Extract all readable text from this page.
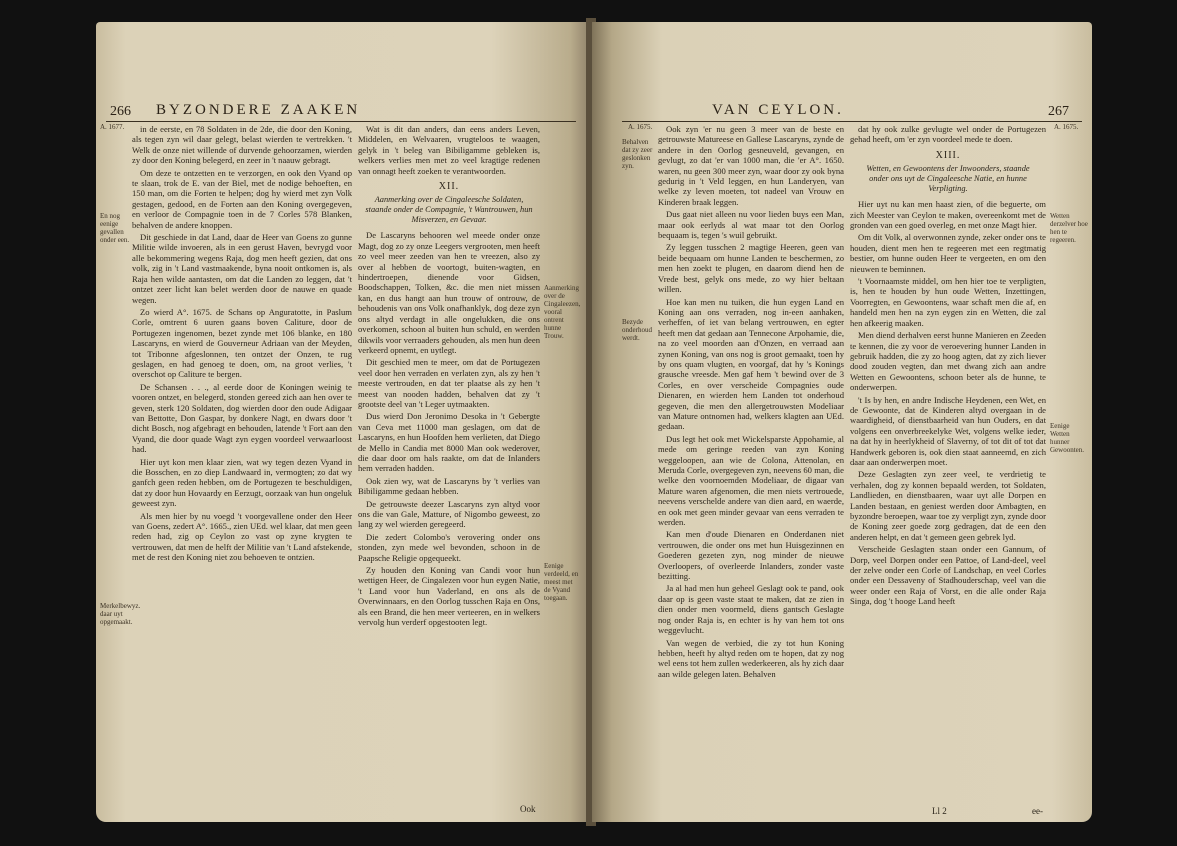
266 BYZONDERE ZAAKEN
A. 1677.	in de eerste, en 78 Soldaten in de 2de, die door den Koning, als tegen zyn wil daar gelegt, belast wierden te vertrekken. 't Welk de onze niet willende of durvende gehoorzamen, wierden zy door den Koning belegerd, en zeer in 't naauw gebragt.

Om deze te ontzetten en te verzorgen, en ook den Vyand op te slaan, trok de E. van der Biel, met de nodige behoeften, en 150 man, om die Forten te helpen; dog hy wierd met zyn Volk gestagen, gedood, en de Forten aan den Koning overgegeven, en verloor de Compagnie toen in de 7 Corles 578 Blanken, behalven de andere knoppen.

Dit geschiede in dat Land, daar de Heer van Goens zo gunne Militie wilde invoeren, als in een gerust Haven, bevrygd voor alle bekommering wegens Raja, dog men heeft gezien, dat ons volk, zig in 't Land vastmaakende, byna nooit ontkomen is, als Raja hen wilde aantasten, om dat die Landen zo leggen, dat 't ontzet zeer licht kan belet werden door de nauwe en quade wegen.

Zo wierd A°. 1675. de Schans op Anguratotte, in Paslum Corle, omtrent 6 uuren gaans boven Caliture, door de Portugezen ingenomen, bezet zynde met 106 blanke, en 180 Lascaryns, en wierd de Gouverneur Adriaan van der Meyden, tot Tribonne afgeslonnen, ten ontzet der Onzen, te rug geslagen, en had genoeg te doen, om, na groot verlies, 't overschot op Caliture te bergen.

De Schansen . . ., al eerde door de Koningen weinig te vooren ontzet, en belegerd, stonden gereed zich aan hen over te geven, sterk 120 Soldaten, dog wierden door den oude Adigaar van Bettotte, Don Gaspar, by donkere Nagt, en dwars door 't dicht Bosch, nog afgebragt en behouden, latende 't Fort aan den Vyand, die door quade Wagt zyn eygen voordeel verwaarloost had.

Hier uyt kon men klaar zien, wat wy tegen dezen Vyand in die Bosschen, en zo diep Landwaard in, vermogten; zo dat wy ganfch geen reden hebben, om de Portugezen te beschuldigen, dat zy door hun Hovaardy en Eerzugt, oorzaak van hun ongeluk geweest zyn.

Als men hier by nu voegd 't voorgevallene onder den Heer van Goens, zedert A°. 1665., zien UEd. wel klaar, dat men geen reden had, zig op Ceylon zo vast op zyne krygten te vertrouwen, dat men de helft der Militie van 't Land afstekende, met de rest den Koning niet zou behoeven te ontzien.

En nog eenige gevallen onder een.
Merkelbewyz. daar uyt opgemaakt.

Wat is dit dan anders, dan eens anders Leven, Middelen, en Welvaaren, vrugteloos te waagen, gelyk in 't beleg van Bibiligamme gebleken is, welkers verlies men met zo veel kragtige redenen van onnagt heeft zoeken te verantwoorden.

XII.
Aanmerking over de Cingaleesche Soldaten, staande onder de Compagnie, 't Wantrouwen, hun Misverzen, en Gevaar.

De Lascaryns behooren wel meede onder onze Magt, dog zo zy onze Leegers vergrooten, men heeft zo veel meer zeeden van hen te vreezen, also zy over al hebben de voortogt, buiten-wagten, en hindertroepen, dienende voor Gidsen, Boodschappen, Tolken, &c. die men niet missen kan, en dus hangt aan hun trouw of ontrouw, de behoudenis van ons Volk onafhanklyk, dog deze zyn ons altyd verdagt in alle ongelukken, die ons overkomen, schoon al buiten hun schuld, en werden dikwils voor verraaders gehouden, als men hun deen verkeerd opnemt, en uytlegt.

Dit geschied men te meer, om dat de Portugezen veel door hen verraden en verlaten zyn, als zy hen 't meeste vertrouden, en dat ter plaatse als zy hen 't meest van nooden hadden, behalven dat zy 't grootste deel van 't Leger uytmaakten.

Dus wierd Don Jeronimo Desoka in 't Gebergte van Ceva met 11000 man geslagen, om dat de Lascaryns, en hun Hoofden hem verlieten, dat Diego de Mello in Candia met 8000 Man ook wederover, die daar door om hals raakte, om dat de Inlanders hem verraden hadden.

Ook zien wy, wat de Lascaryns by 't verlies van Bibiligamme gedaan hebben.

De getrouwste deezer Lascaryns zyn altyd voor ons die van Gale, Matture, of Nigombo geweest, zo lang zy wel wierden geregeerd.

Die zedert Colombo's verovering onder ons stonden, zyn mede wel bevonden, schoon in de Paapsche Religie opgequeekt.

Zy houden den Koning van Candi voor hun wettigen Heer, de Cingalezen voor hun eygen Natie, 't Land voor hun Vaderland, en ons als de Overwinnaars, en den Oorlog tusschen Raja en Ons, als een Brand, die hen meer verteeren, en in welkers vervolg hun verderf opgestooten legt.

Aanmerking over de Cingaleezen, vooral ontrent hunne Trouw.
Eenige verdeeld, en meest met de Vyand toegaan.
Ook
VAN CEYLON.	267
A. 1675.	A. 1675.

Ook zyn 'er nu geen 3 meer van de beste en getrouwste Matureese en Gallese Lascaryns, zynde de andere in den Oorlog gesneuveld, gevangen, en gevlugt, zo dat 'er van 1000 man, die 'er A°. 1650. waren, nu geen 300 meer zyn, waar door zy ook byna gedurig in 't Veld leggen, en hun Landeryen, van welke zy leven moeten, tot nadeel van Vrouw en Kinderen braak leggen.

Dus gaat niet alleen nu voor lieden buys een Man, maar ook eerlyds al wat maar tot den Oorlog bequaam is, tegen 's wuil gebruikt.

Zy leggen tusschen 2 magtige Heeren, geen van beide bequaam om hunne Landen te beschermen, zo men hen zoekt te plugen, en daarom diend hen de Vrede best, gelyk ons mede, zo wy hier beltaan willen.

Hoe kan men nu tuiken, die hun eygen Land en Koning aan ons verraden, nog in-een aanhaken, verheffen, of iet van belang vertrouwen, en egter heeft men dat gedaan aan Tennecone Arpohamie, die, na zo veel moorden aan d'Onzen, en verraad aan zynen Koning, van ons nog is groot gemaakt, toen hy by ons quam vlugten, en voorgaf, dat hy 's Konings grausche vreesde. Men gaf hem 't bewind over de 3 Corles, en over verscheide Compagnies oude Dienaren, en wierden hem Landen tot onderhoud gegeven, die men den allergetrouwsten Modeliaar van Mature ontnomen had, welkers klagten aan UEd. gedaan.

Dus legt het ook met Wickelsparste Appohamie, al mede om geringe reeden van zyn Koning weggeloopen, aan wie de Colona, Attenolan, en Meruda Corle, overgegeven zyn, neevens 60 man, die welke den voornoemden Modeliaar, de digaar van Mature waren afgenomen, die men niets vertrouede, neevens verschelde andere van dien aard, en waerde, en ook met geen minder gevaar van eens verraden te werden.

Kan men d'oude Dienaren en Onderdanen niet vertrouwen, die onder ons met hun Huisgezinnen en Goederen gezeten zyn, nog minder de nieuwe Overloopers, of overleerde Inlanders, zonder vaste bezitting.

Ja al had men hun geheel Geslagt ook te pand, ook daar op is geen vaste staat te maken, dat ze zien in dien onder men voormeld, diens gantsch Geslagte nog onder Raja is, en echter is hy van hem tot ons weggevlucht.

Van wegen de verbied, die zy tot hun Koning hebben, heeft hy altyd reden om te hopen, dat zy nog wel eens tot hem zullen wederkeeren, als hy zich daar aan wilde gelegen laten. Behalven

Behalven dat zy zeer geslonken zyn.
Bezyde onderhoud werdt.

dat hy ook zulke gevlugte wel onder de Portugezen gehad heeft, om 'er zyn voordeel mede te doen.

XIII.
Wetten, en Gewoontens der Inwoonders, staande onder ons uyt de Cingaleesche Natie, en hunne Verpligting.

Hier uyt nu kan men haast zien, of die beguerte, om zich Meester van Ceylon te maken, overeenkomt met de gronden van een goed overleg, en met onze Magt hier.

Om dit Volk, al overwonnen zynde, zeker onder ons te houden, dient men hen te regeeren met een regtmatig bestier, om hunne ouden Heer te vergeeten, en om den nieuwen te beminnen.

't Voornaamste middel, om hen hier toe te verpligten, is, hen te houden by hun oude Wetten, Inzettingen, Voorregten, en Gewoontens, waar schaft men die af, en handeld men hen na zyn eygen zin en Wetten, die zal hen afkeerig maaken.

Men diend derhalven eerst hunne Manieren en Zeeden te kennen, die zy voor de veroevering hunner Landen in gebruik hadden, die zy zo hoog agten, dat zy zich liever dood zouden vegten, dan met dwang zich aan andre Wetten en Gewoontens, schoon beter als de hunne, te onderwerpen.

't Is by hen, en andre Indische Heydenen, een Wet, en de Gewoonte, dat de Kinderen altyd overgaan in de waardigheid, of dienstbaarheid van hun Ouders, en dat volgens een onverbreekelyke Wet, volgens welke ieder, na dat hy in heerlykheid of Slaverny, of tot dit of tot dat Handwerk geboren is, ook dien staat aanneemd, en zich daar aan onderwerpen moet.

Deze Geslagten zyn zeer veel, te verdrietig te verhalen, dog zy konnen bepaald werden, tot Soldaten, Landlieden, en dienstbaaren, waar uyt alle Dorpen en Landen bestaan, en geniest werden door Ambagten, en byzondre beroepen, waar toe zy verpligt zyn, zynde door de Koning zeer goede zorg gedragen, dat de een den anderen helpt, en dat 't gemeen geen gebrek lyd.

Verscheide Geslagten staan onder een Gannum, of Dorp, veel Dorpen onder een Pattoe, of Land-deel, veel der zelve onder een Corle of Landschap, en veel Corles onder een Dessaveny of Stadhouderschap, veel van die weer onder een Raja of Vorst, en die alle onder Raja Singa, dog 't hooge Land heeft

Wetten derzelver hoe hen te regeeren.
Eenige Wetten hunner Gewoonten.
Ll 2	ee-
